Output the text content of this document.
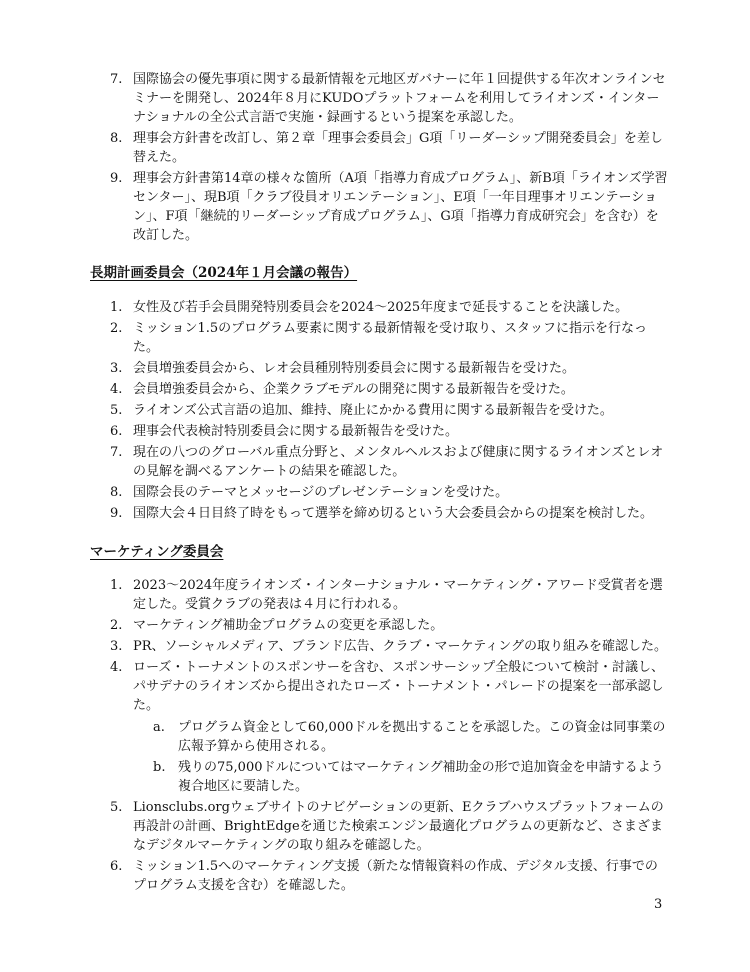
7. 国際協会の優先事項に関する最新情報を元地区ガバナーに年１回提供する年次オンラインセミナーを開発し、2024年８月にKUDOプラットフォームを利用してライオンズ・インターナショナルの全公式言語で実施・録画するという提案を承認した。
8. 理事会方針書を改訂し、第２章「理事会委員会」G項「リーダーシップ開発委員会」を差し替えた。
9. 理事会方針書第14章の様々な箇所（A項「指導力育成プログラム」、新B項「ライオンズ学習センター」、現B項「クラブ役員オリエンテーション」、E項「一年目理事オリエンテーション」、F項「継続的リーダーシップ育成プログラム」、G項「指導力育成研究会」を含む）を改訂した。

長期計画委員会（2024年１月会議の報告）

1. 女性及び若手会員開発特別委員会を2024～2025年度まで延長することを決議した。
2. ミッション1.5のプログラム要素に関する最新情報を受け取り、スタッフに指示を行なった。
3. 会員増強委員会から、レオ会員種別特別委員会に関する最新報告を受けた。
4. 会員増強委員会から、企業クラブモデルの開発に関する最新報告を受けた。
5. ライオンズ公式言語の追加、維持、廃止にかかる費用に関する最新報告を受けた。
6. 理事会代表検討特別委員会に関する最新報告を受けた。
7. 現在の八つのグローバル重点分野と、メンタルヘルスおよび健康に関するライオンズとレオの見解を調べるアンケートの結果を確認した。
8. 国際会長のテーマとメッセージのプレゼンテーションを受けた。
9. 国際大会４日目終了時をもって選挙を締め切るという大会委員会からの提案を検討した。

マーケティング委員会

1. 2023～2024年度ライオンズ・インターナショナル・マーケティング・アワード受賞者を選定した。受賞クラブの発表は４月に行われる。
2. マーケティング補助金プログラムの変更を承認した。
3. PR、ソーシャルメディア、ブランド広告、クラブ・マーケティングの取り組みを確認した。
4. ローズ・トーナメントのスポンサーを含む、スポンサーシップ全般について検討・討議し、パサデナのライオンズから提出されたローズ・トーナメント・パレードの提案を一部承認した。
a. プログラム資金として60,000ドルを拠出することを承認した。この資金は同事業の広報予算から使用される。
b. 残りの75,000ドルについてはマーケティング補助金の形で追加資金を申請するよう複合地区に要請した。
5. Lionsclubs.orgウェブサイトのナビゲーションの更新、Eクラブハウスプラットフォームの再設計の計画、BrightEdgeを通じた検索エンジン最適化プログラムの更新など、さまざまなデジタルマーケティングの取り組みを確認した。
6. ミッション1.5へのマーケティング支援（新たな情報資料の作成、デジタル支援、行事でのプログラム支援を含む）を確認した。
3
